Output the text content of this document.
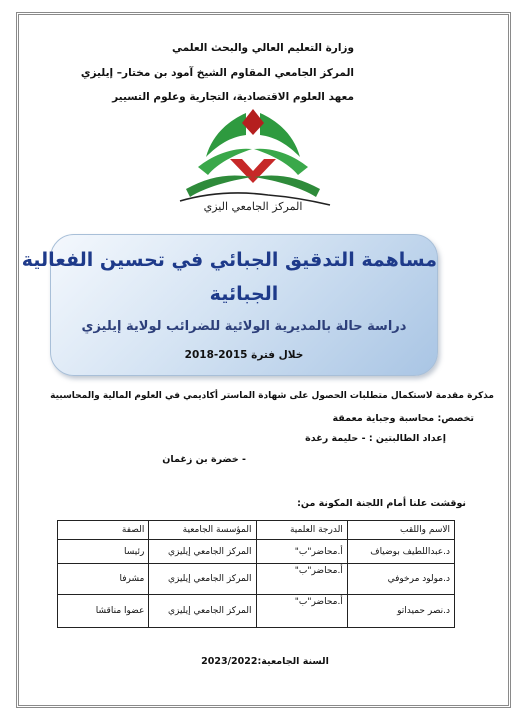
وزارة التعليم العالي والبحث العلمي
المركز الجامعي المقاوم الشيخ آمود بن مختار– إيليزي
معهد العلوم الاقتصادية، التجارية وعلوم التسيير
المركز الجامعي اليزي
مساهمة التدقيق الجبائي في تحسين الفعالية
الجبائية
دراسة حالة بالمديرية الولائية للضرائب لولاية إيليزي
خلال فترة 2015-2018
مذكرة مقدمة لاستكمال متطلبات الحصول على شهادة الماستر أكاديمي في العلوم المالية والمحاسبية
تخصص: محاسبة وجباية معمقة
إعداد الطالبتين : - حليمة رغدة
- خضرة بن زغمان
نوقشت علنا أمام اللجنة المكونة من:
الاسم واللقب	الدرجة العلمية	المؤسسة الجامعية	الصفة
د.عبداللطيف بوضياف	أ.محاضر"ب"	المركز الجامعي إيليزي	رئيسا
د.مولود مرخوفي	أ.محاضر"ب"	المركز الجامعي إيليزي	مشرفا
د.نصر حميداتو	أ.محاضر"ب"	المركز الجامعي إيليزي	عضوا مناقشا
السنة الجامعية:2023/2022
